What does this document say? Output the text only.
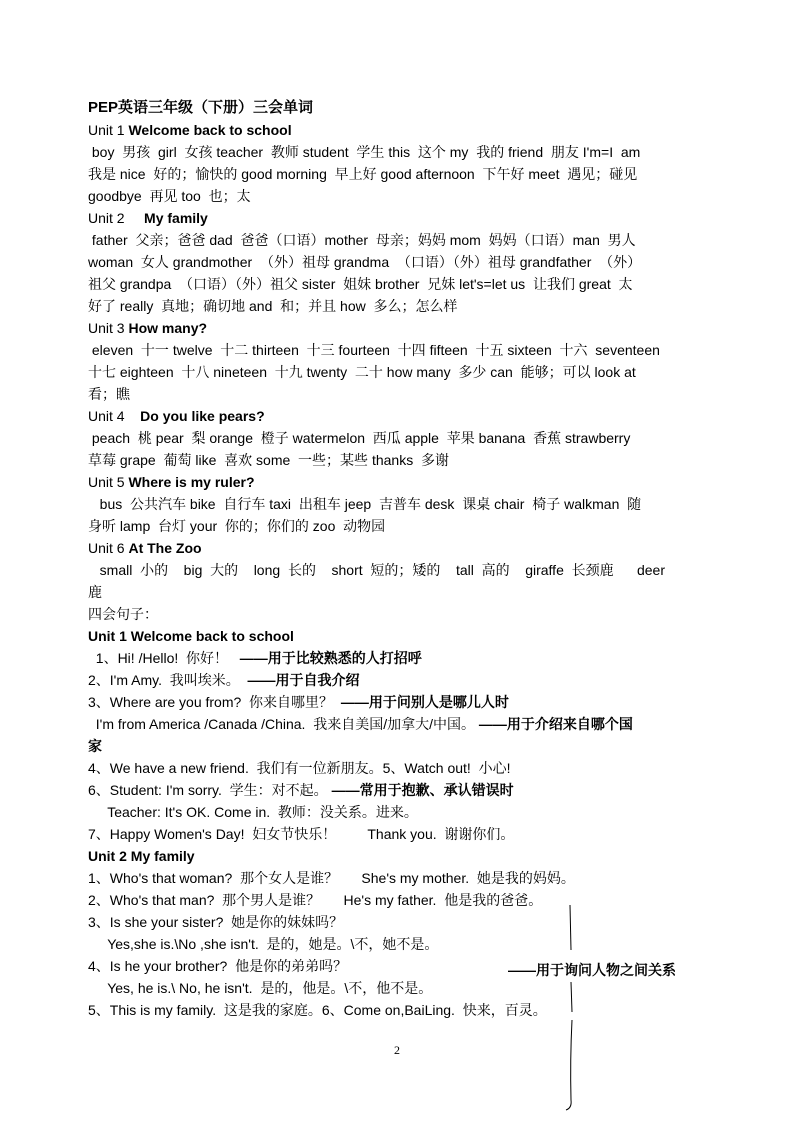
PEP英语三年级（下册）三会单词
Unit 1 Welcome back to school
boy  男孩  girl  女孩 teacher  教师 student  学生 this  这个 my  我的 friend  朋友 I'm=I  am
我是 nice  好的；愉快的 good morning  早上好 good afternoon  下午好 meet  遇见；碰见
goodbye  再见 too  也；太
Unit 2     My family
father  父亲；爸爸 dad  爸爸（口语）mother  母亲；妈妈 mom  妈妈（口语）man  男人
woman  女人 grandmother  （外）祖母 grandma  （口语）（外）祖母 grandfather  （外）
祖父 grandpa  （口语）（外）祖父 sister  姐妹 brother  兄妹 let's=let us  让我们 great  太
好了 really  真地；确切地 and  和；并且 how  多么；怎么样
Unit 3 How many?
eleven  十一 twelve  十二 thirteen  十三 fourteen  十四 fifteen  十五 sixteen  十六  seventeen
十七 eighteen  十八 nineteen  十九 twenty  二十 how many  多少 can  能够；可以 look at
看；瞧
Unit 4    Do you like pears?
peach  桃 pear  梨 orange  橙子 watermelon  西瓜 apple  苹果 banana  香蕉 strawberry
草莓 grape  葡萄 like  喜欢 some  一些；某些 thanks  多谢
Unit 5 Where is my ruler?
bus  公共汽车 bike  自行车 taxi  出租车 jeep  吉普车 desk  课桌 chair  椅子 walkman  随
身听 lamp  台灯 your  你的；你们的 zoo  动物园
Unit 6 At The Zoo
small  小的    big  大的    long  长的    short  短的；矮的    tall  高的    giraffe  长颈鹿      deer
鹿
四会句子：
Unit 1 Welcome back to school
1、Hi! /Hello!  你好！   ——用于比较熟悉的人打招呼
2、I'm Amy.  我叫埃米。  ——用于自我介绍
3、Where are you from?  你来自哪里？  ——用于问别人是哪儿人时
I'm from America /Canada /China.  我来自美国/加拿大/中国。 ——用于介绍来自哪个国
家
4、We have a new friend.  我们有一位新朋友。5、Watch out!  小心!
6、Student: I'm sorry.  学生：对不起。 ——常用于抱歉、承认错误时
Teacher: It's OK. Come in.  教师：没关系。进来。
7、Happy Women's Day!  妇女节快乐！        Thank you.  谢谢你们。
Unit 2 My family
1、Who's that woman?  那个女人是谁？      She's my mother.  她是我的妈妈。
2、Who's that man?  那个男人是谁？      He's my father.  他是我的爸爸。
3、Is she your sister?  她是你的妹妹吗？
Yes,she is.\No ,she isn't.  是的，她是。\不，她不是。
4、Is he your brother?  他是你的弟弟吗？
Yes, he is.\ No, he isn't.  是的，他是。\不，他不是。
5、This is my family.  这是我的家庭。6、Come on,BaiLing.  快来，百灵。
——用于询问人物之间关系
2
